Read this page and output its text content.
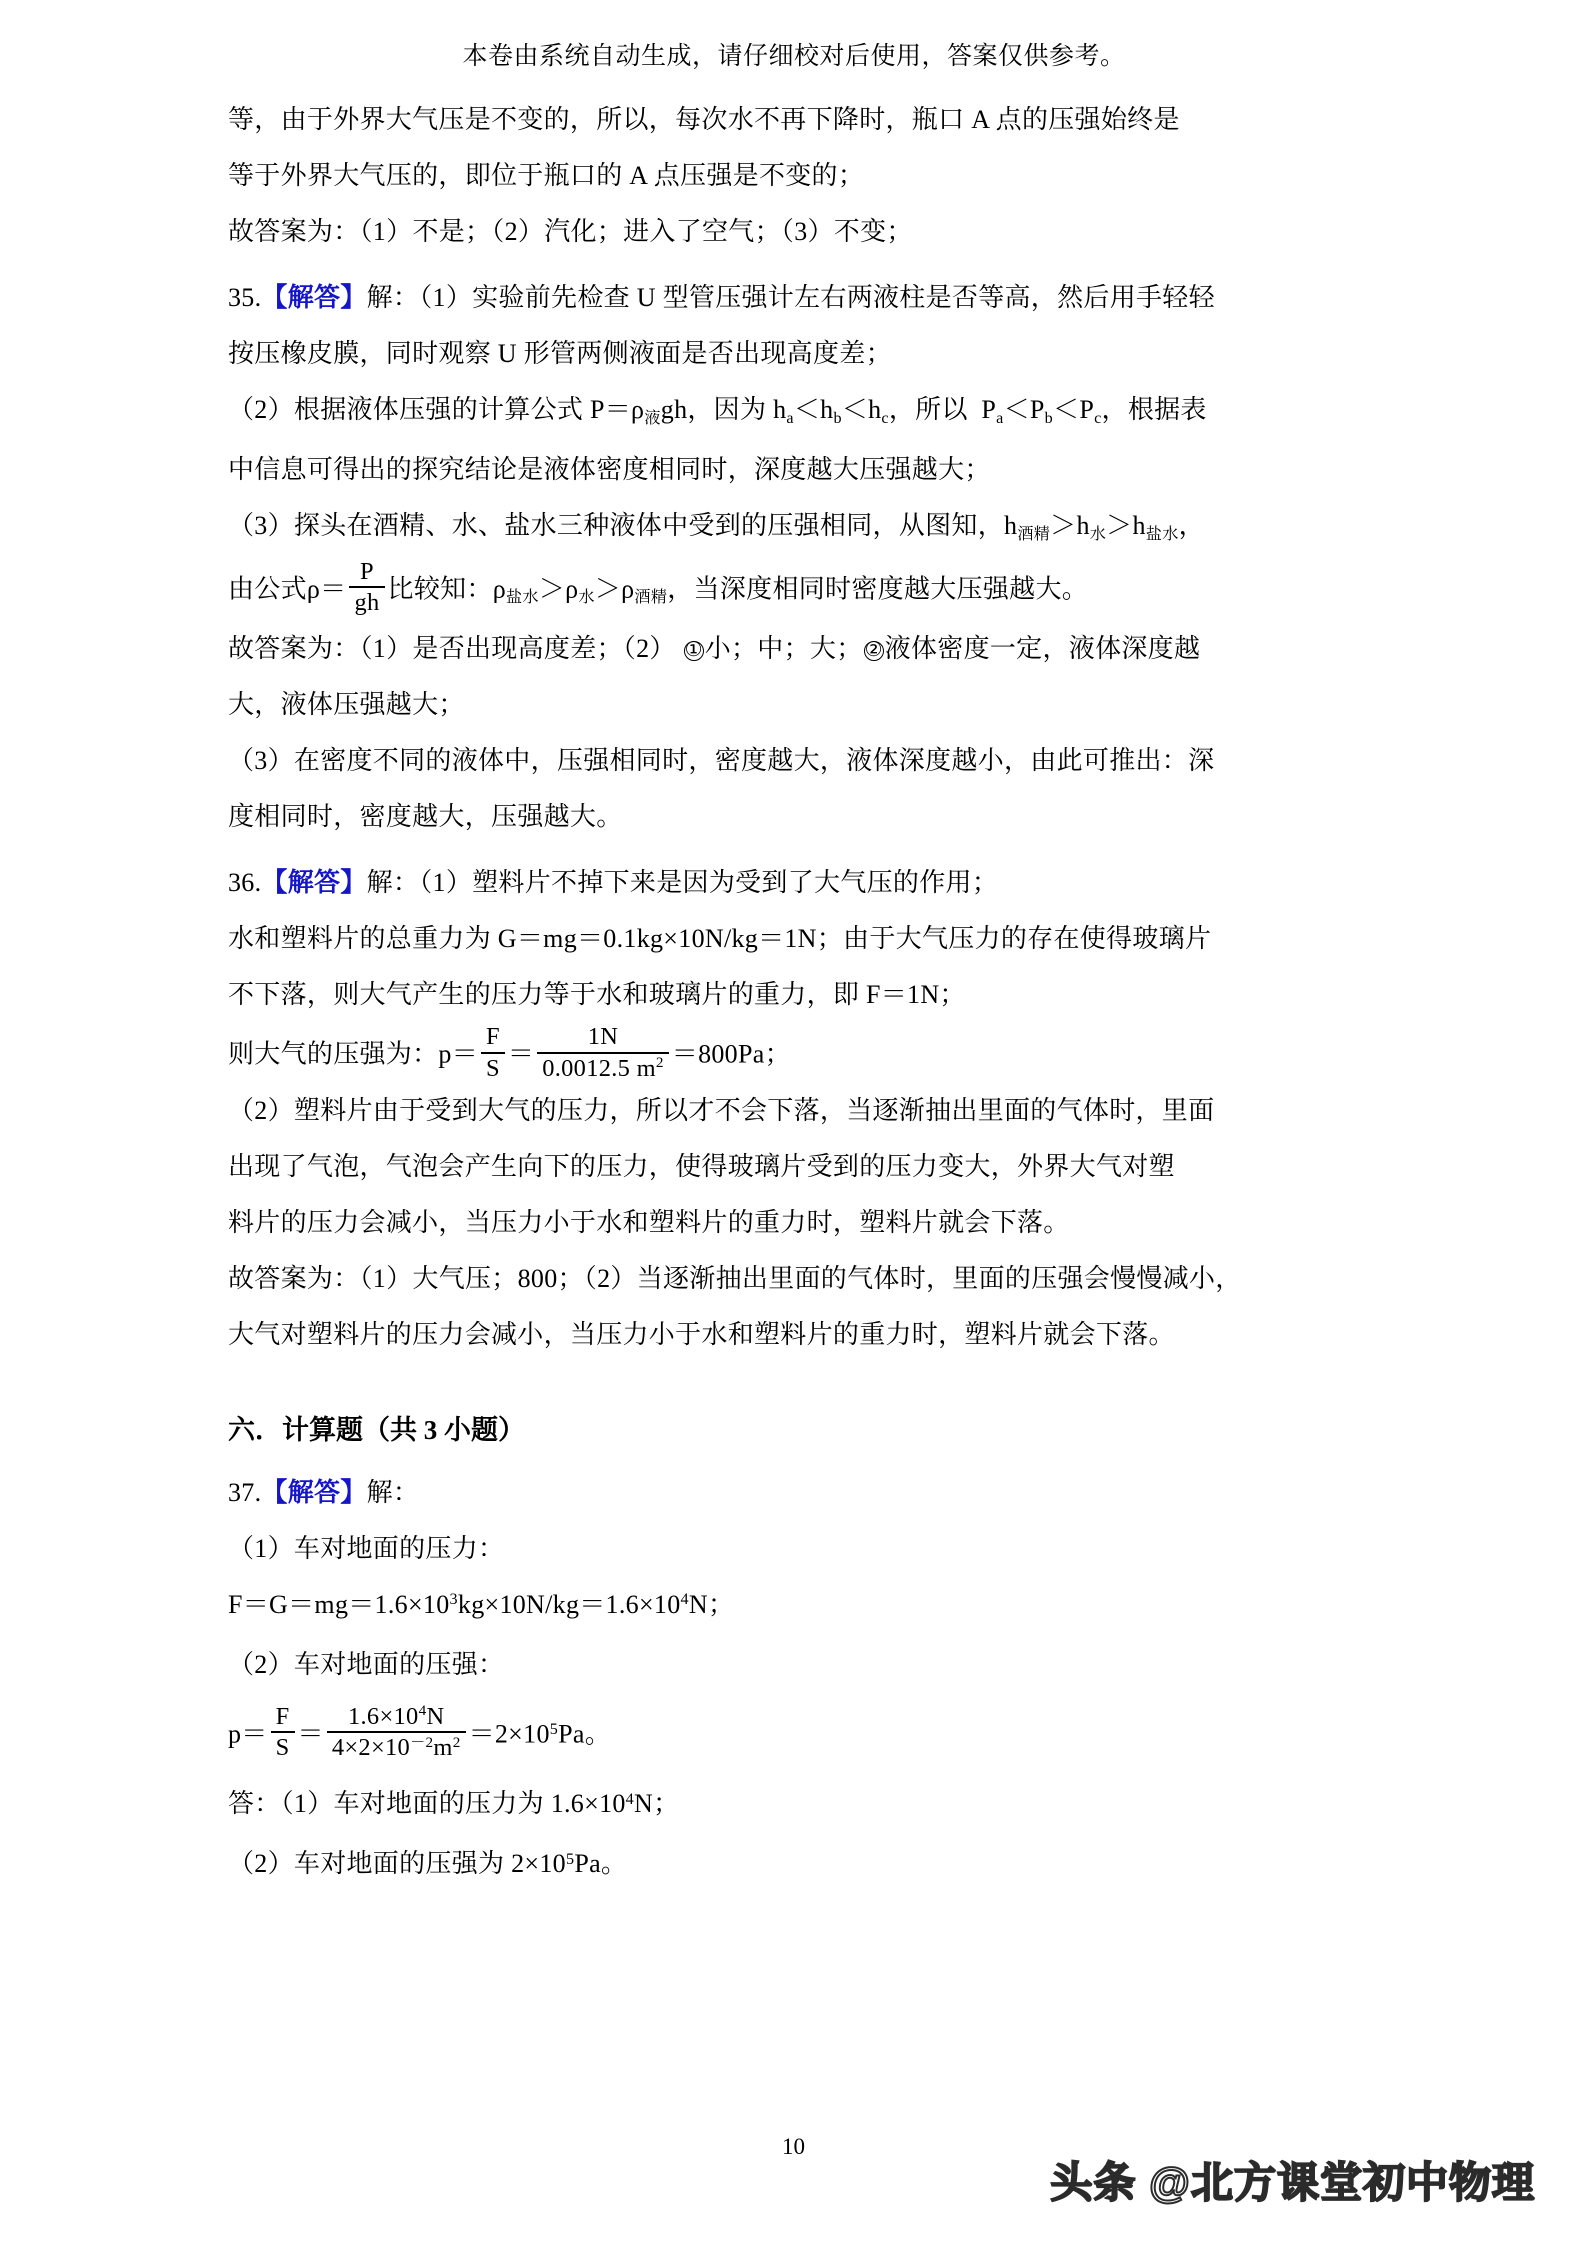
本卷由系统自动生成，请仔细校对后使用，答案仅供参考。

等，由于外界大气压是不变的，所以，每次水不再下降时，瓶口 A 点的压强始终是

等于外界大气压的，即位于瓶口的 A 点压强是不变的；

故答案为：（1）不是；（2）汽化；进入了空气；（3）不变；

35.【解答】解：（1）实验前先检查 U 型管压强计左右两液柱是否等高，然后用手轻轻

按压橡皮膜，同时观察 U 形管两侧液面是否出现高度差；

（2）根据液体压强的计算公式 $P=\rho_液gh$，因为 $h_a<h_b<h_c$，所以 $P_a<P_b<P_c$，根据表

中信息可得出的探究结论是液体密度相同时，深度越大压强越大；

（3）探头在酒精、水、盐水三种液体中受到的压强相同，从图知，$h_{酒精}>h_水>h_{盐水}$，

由公式$\rho= \frac{P}{gh}$ 比较知：$\rho_{盐水}>\rho_水>\rho_{酒精}$，当深度相同时密度越大压强越大。

故答案为：（1）是否出现高度差；（2） ①小；中；大； ②液体密度一定，液体深度越

大，液体压强越大；

（3）在密度不同的液体中，压强相同时，密度越大，液体深度越小，由此可推出：深

度相同时，密度越大，压强越大。

36.【解答】解：（1）塑料片不掉下来是因为受到了大气压的作用；

水和塑料片的总重力为 G＝mg＝0.1kg×10N/kg＝1N；由于大气压力的存在使得玻璃片

不下落，则大气产生的压力等于水和玻璃片的重力，即 F＝1N；

则大气的压强为：$p= \frac{F}{S} = \frac{1N}{0.0012.5 m^2} =800Pa$；

（2）塑料片由于受到大气的压力，所以才不会下落，当逐渐抽出里面的气体时，里面

出现了气泡，气泡会产生向下的压力，使得玻璃片受到的压力变大，外界大气对塑

料片的压力会减小，当压力小于水和塑料片的重力时，塑料片就会下落。

故答案为：（1）大气压；800；（2）当逐渐抽出里面的气体时，里面的压强会慢慢减小，

大气对塑料片的压力会减小，当压力小于水和塑料片的重力时，塑料片就会下落。

六．计算题（共 3 小题）

37.【解答】解：

（1）车对地面的压力：

$F=G=mg=1.6\times 10^3kg\times 10N/kg=1.6\times 10^4N$；

（2）车对地面的压强：

$p= \frac{F}{S} = \frac{1.6\times 10^4N}{4\times 2\times 10^{-2}m^2} =2\times 10^5Pa$。

答：（1）车对地面的压力为 $1.6\times 10^4N$；

（2）车对地面的压强为 $2\times 10^5Pa$。

10
头条 @北方课堂初中物理
